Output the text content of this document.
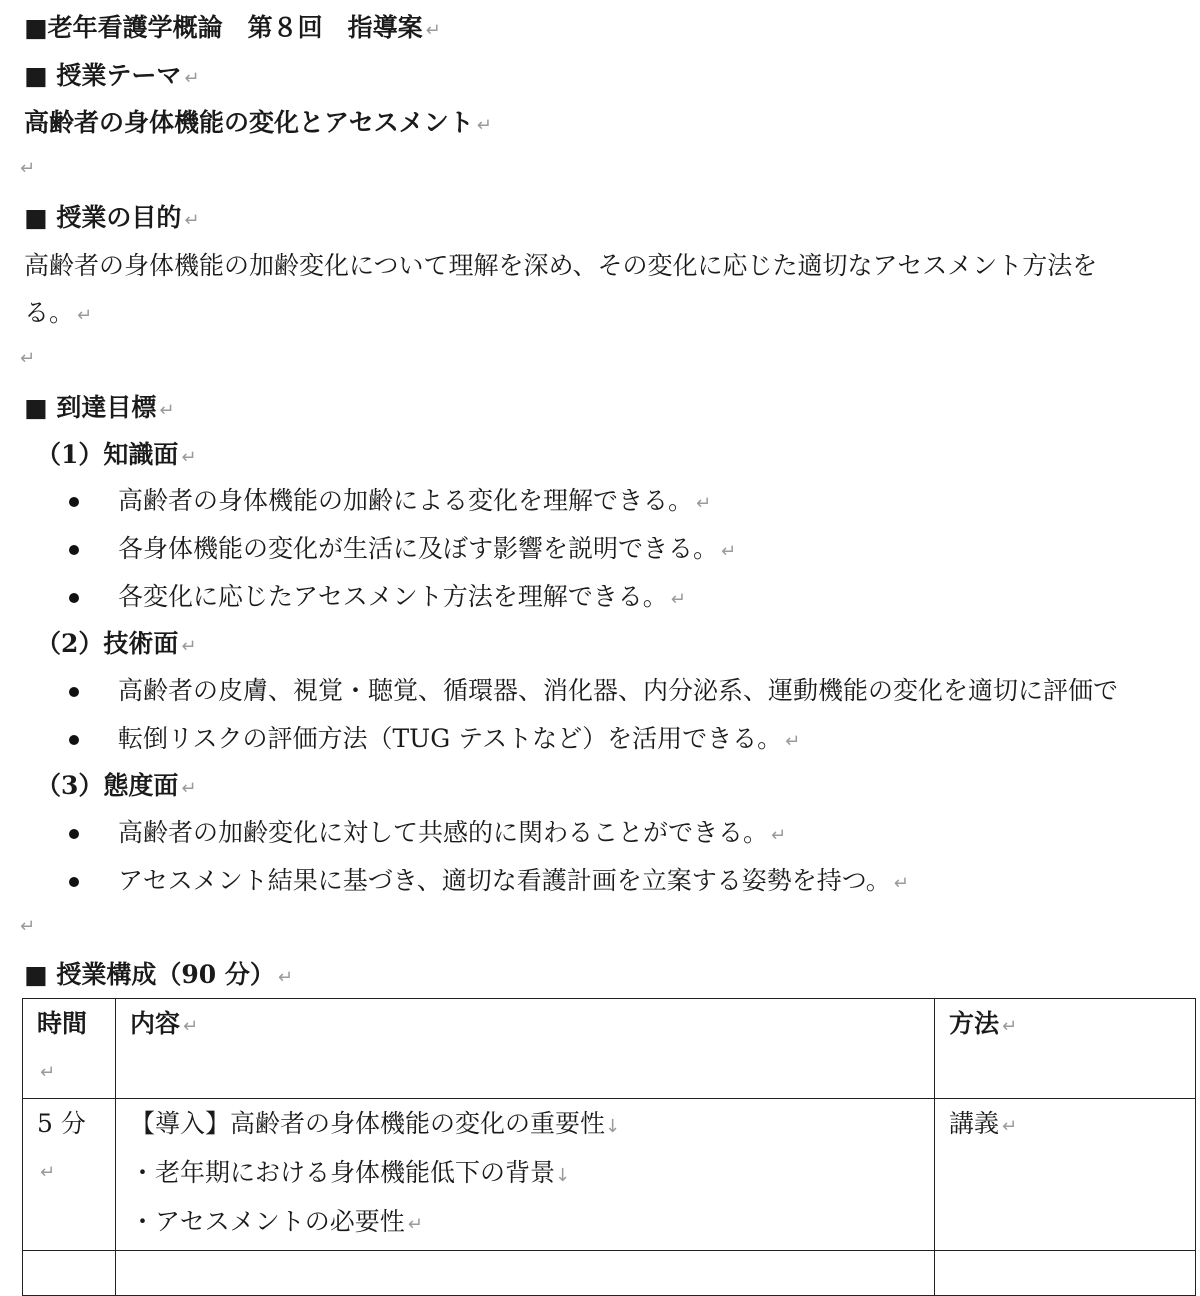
■老年看護学概論　第８回　指導案 ↵
■ 授業テーマ ↵
高齢者の身体機能の変化とアセスメント ↵
↵
■ 授業の目的 ↵
高齢者の身体機能の加齢変化について理解を深め、その変化に応じた適切なアセスメント方法を
る。 ↵
↵
■ 到達目標 ↵
（1）知識面 ↵
高齢者の身体機能の加齢による変化を理解できる。 ↵
各身体機能の変化が生活に及ぼす影響を説明できる。 ↵
各変化に応じたアセスメント方法を理解できる。 ↵
（2）技術面 ↵
高齢者の皮膚、視覚・聴覚、循環器、消化器、内分泌系、運動機能の変化を適切に評価で
転倒リスクの評価方法（TUG テストなど）を活用できる。 ↵
（3）態度面 ↵
高齢者の加齢変化に対して共感的に関わることができる。 ↵
アセスメント結果に基づき、適切な看護計画を立案する姿勢を持つ。 ↵
↵
■ 授業構成（90 分） ↵
時間↵	内容 ↵	方法 ↵
5 分↵	【導入】高齢者の身体機能の変化の重要性↓
・老年期における身体機能低下の背景↓
・アセスメントの必要性 ↵	講義 ↵
